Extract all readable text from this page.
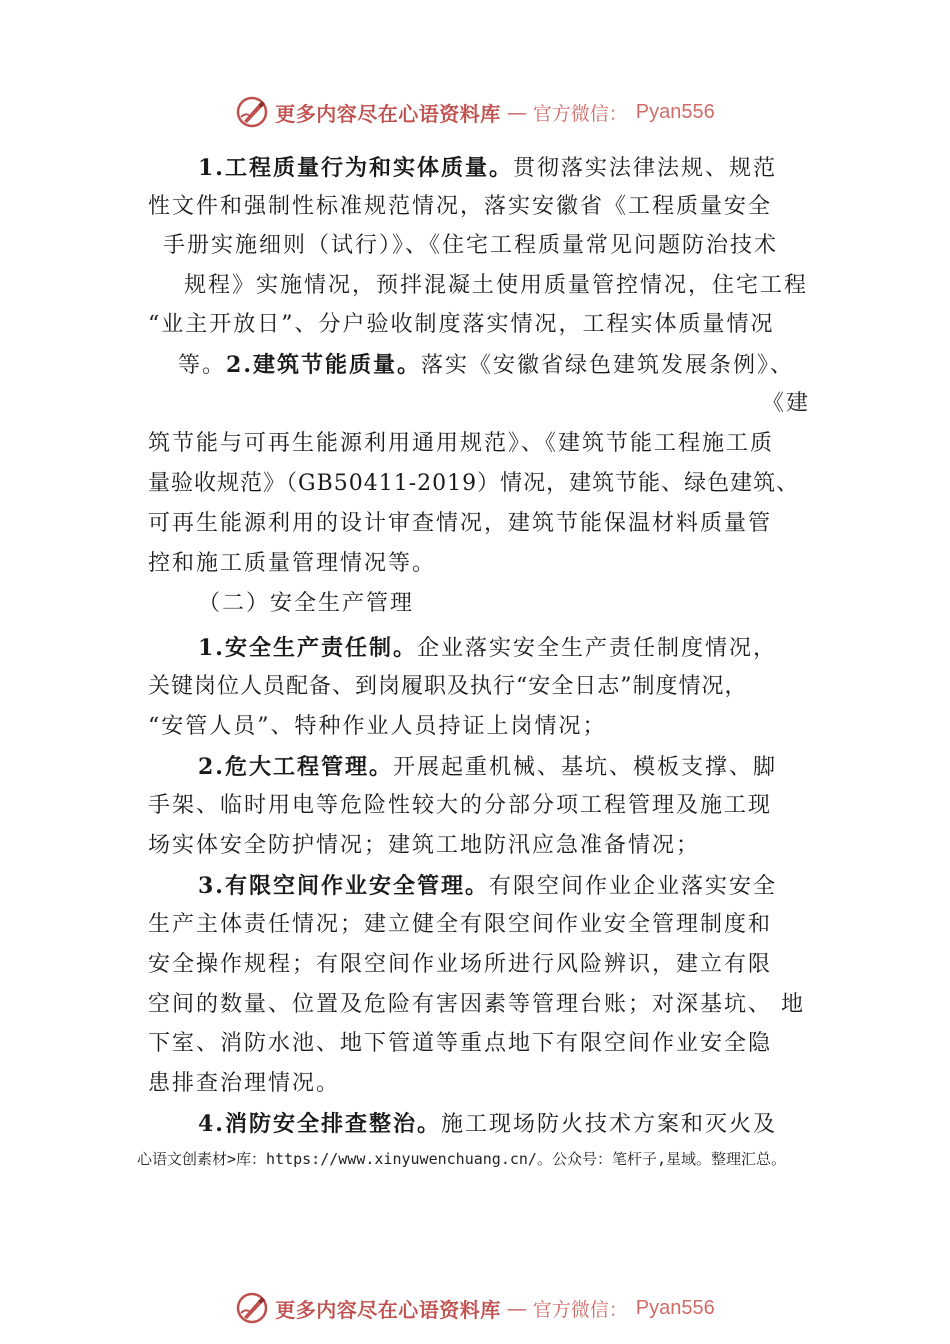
更多内容尽在心语资料库 — 官方微信： Pyan556
1.工程质量行为和实体质量。贯彻落实法律法规、规范
性文件和强制性标准规范情况，落实安徽省《工程质量安全
手册实施细则（试行）》、《住宅工程质量常见问题防治技术
规程》实施情况，预拌混凝土使用质量管控情况，住宅工程
“业主开放日”、分户验收制度落实情况，工程实体质量情况
等。2.建筑节能质量。落实《安徽省绿色建筑发展条例》、
《建
筑节能与可再生能源利用通用规范》、《建筑节能工程施工质
量验收规范》（GB50411-2019）情况，建筑节能、绿色建筑、
可再生能源利用的设计审查情况，建筑节能保温材料质量管
控和施工质量管理情况等。
（二）安全生产管理
1.安全生产责任制。企业落实安全生产责任制度情况，
关键岗位人员配备、到岗履职及执行“安全日志”制度情况，
“安管人员”、特种作业人员持证上岗情况；
2.危大工程管理。开展起重机械、基坑、模板支撑、脚
手架、临时用电等危险性较大的分部分项工程管理及施工现
场实体安全防护情况；建筑工地防汛应急准备情况；
3.有限空间作业安全管理。有限空间作业企业落实安全
生产主体责任情况；建立健全有限空间作业安全管理制度和
安全操作规程；有限空间作业场所进行风险辨识，建立有限
空间的数量、位置及危险有害因素等管理台账；对深基坑、 地
下室、消防水池、地下管道等重点地下有限空间作业安全隐
患排查治理情况。
4.消防安全排查整治。施工现场防火技术方案和灭火及
心语文创素材>库：https://www.xinyuwenchuang.cn/。公众号：笔杆子,星域。整理汇总。
更多内容尽在心语资料库 — 官方微信： Pyan556
